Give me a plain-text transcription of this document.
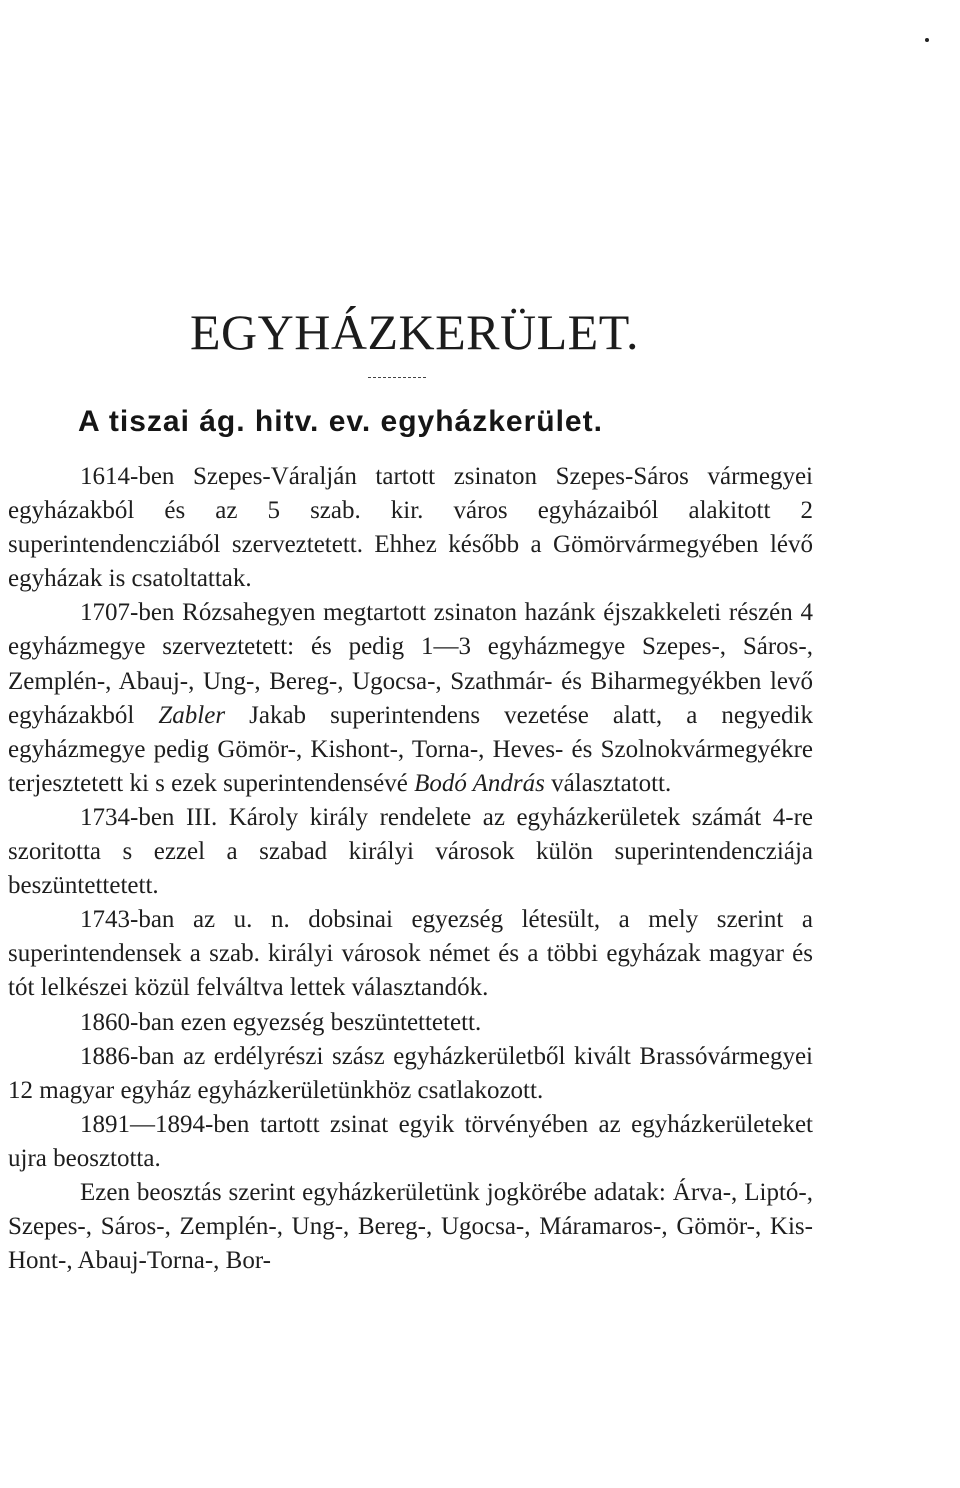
EGYHÁZKERÜLET.
A tiszai ág. hitv. ev. egyházkerület.

1614-ben Szepes-Váralján tartott zsinaton Szepes-Sáros vármegyei egyházakból és az 5 szab. kir. város egyházaiból alakitott 2 superintendencziából szerveztetett. Ehhez később a Gömörvármegyében lévő egyházak is csatoltattak.

1707-ben Rózsahegyen megtartott zsinaton hazánk éjszakkeleti részén 4 egyházmegye szerveztetett: és pedig 1—3 egyházmegye Szepes-, Sáros-, Zemplén-, Abauj-, Ung-, Bereg-, Ugocsa-, Szathmár- és Biharmegyékben levő egyházakból Zabler Jakab superintendens vezetése alatt, a negyedik egyházmegye pedig Gömör-, Kishont-, Torna-, Heves- és Szolnokvármegyékre terjesztetett ki s ezek superintendensévé Bodó András választatott.

1734-ben III. Károly király rendelete az egyházkerületek számát 4-re szoritotta s ezzel a szabad királyi városok külön superintendencziája beszüntettetett.

1743-ban az u. n. dobsinai egyezség létesült, a mely szerint a superintendensek a szab. királyi városok német és a többi egyházak magyar és tót lelkészei közül felváltva lettek választandók.

1860-ban ezen egyezség beszüntettetett.

1886-ban az erdélyrészi szász egyházkerületből kivált Brassóvármegyei 12 magyar egyház egyházkerületünkhöz csatlakozott.

1891—1894-ben tartott zsinat egyik törvényében az egyházkerületeket ujra beosztotta.

Ezen beosztás szerint egyházkerületünk jogkörébe adatak: Árva-, Liptó-, Szepes-, Sáros-, Zemplén-, Ung-, Bereg-, Ugocsa-, Máramaros-, Gömör-, Kis-Hont-, Abauj-Torna-, Bor-
